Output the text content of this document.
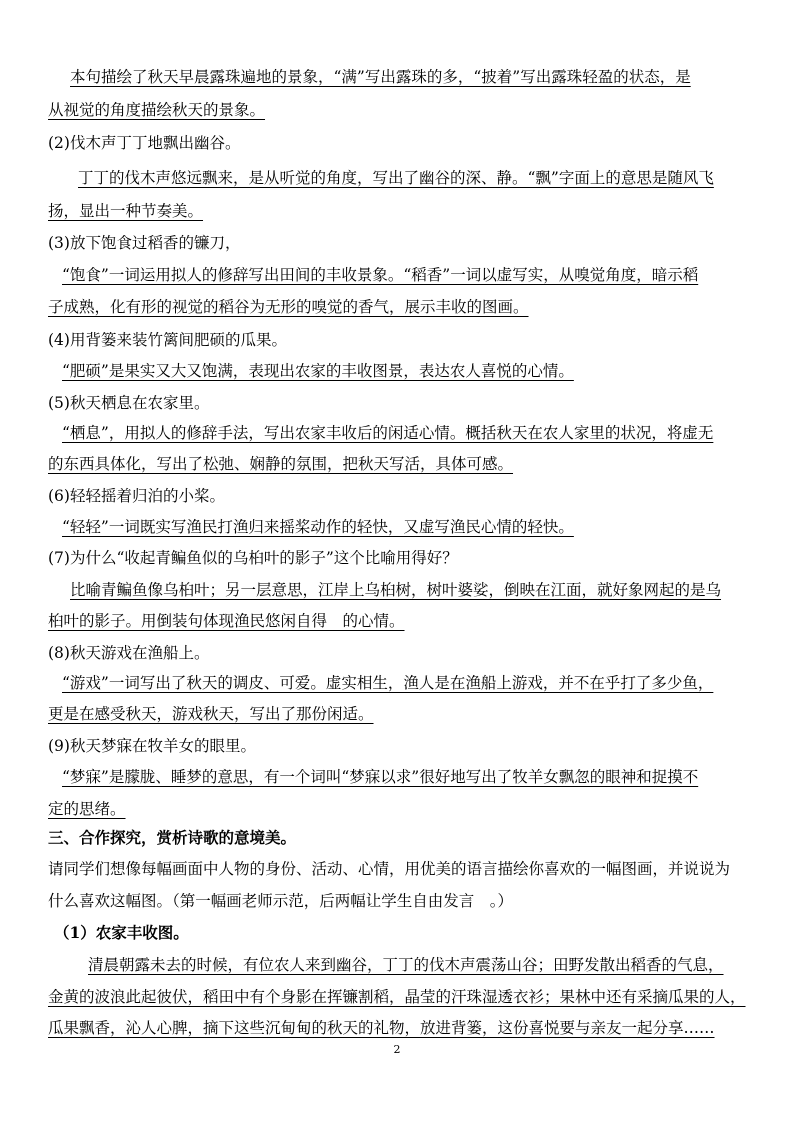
本句描绘了秋天早晨露珠遍地的景象，“满”写出露珠的多，“披着”写出露珠轻盈的状态，是
从视觉的角度描绘秋天的景象。
(2)伐木声丁丁地飘出幽谷。
丁丁的伐木声悠远飘来，是从听觉的角度，写出了幽谷的深、静。“飘”字面上的意思是随风飞
扬，显出一种节奏美。
(3)放下饱食过稻香的镰刀，
“饱食”一词运用拟人的修辞写出田间的丰收景象。“稻香”一词以虚写实，从嗅觉角度，暗示稻
子成熟，化有形的视觉的稻谷为无形的嗅觉的香气，展示丰收的图画。
(4)用背篓来装竹篱间肥硕的瓜果。
“肥硕”是果实又大又饱满，表现出农家的丰收图景，表达农人喜悦的心情。
(5)秋天栖息在农家里。
“栖息”，用拟人的修辞手法，写出农家丰收后的闲适心情。概括秋天在农人家里的状况，将虚无
的东西具体化，写出了松弛、娴静的氛围，把秋天写活，具体可感。
(6)轻轻摇着归泊的小桨。
“轻轻”一词既实写渔民打渔归来摇桨动作的轻快，又虚写渔民心情的轻快。
(7)为什么“收起青鳊鱼似的乌桕叶的影子”这个比喻用得好？
比喻青鳊鱼像乌桕叶；另一层意思，江岸上乌桕树，树叶婆娑，倒映在江面，就好象网起的是乌
桕叶的影子。用倒装句体现渔民悠闲自得　的心情。
(8)秋天游戏在渔船上。
“游戏”一词写出了秋天的调皮、可爱。虚实相生，渔人是在渔船上游戏，并不在乎打了多少鱼，
更是在感受秋天，游戏秋天，写出了那份闲适。
(9)秋天梦寐在牧羊女的眼里。
“梦寐”是朦胧、睡梦的意思，有一个词叫“梦寐以求”很好地写出了牧羊女飘忽的眼神和捉摸不
定的思绪。
三、合作探究，赏析诗歌的意境美。
请同学们想像每幅画面中人物的身份、活动、心情，用优美的语言描绘你喜欢的一幅图画，并说说为
什么喜欢这幅图。（第一幅画老师示范，后两幅让学生自由发言　。）
（1）农家丰收图。
清晨朝露未去的时候，有位农人来到幽谷，丁丁的伐木声震荡山谷；田野发散出稻香的气息，
金黄的波浪此起彼伏，稻田中有个身影在挥镰割稻，晶莹的汗珠湿透衣衫；果林中还有采摘瓜果的人，
瓜果飘香，沁人心脾，摘下这些沉甸甸的秋天的礼物，放进背篓，这份喜悦要与亲友一起分享……
2
